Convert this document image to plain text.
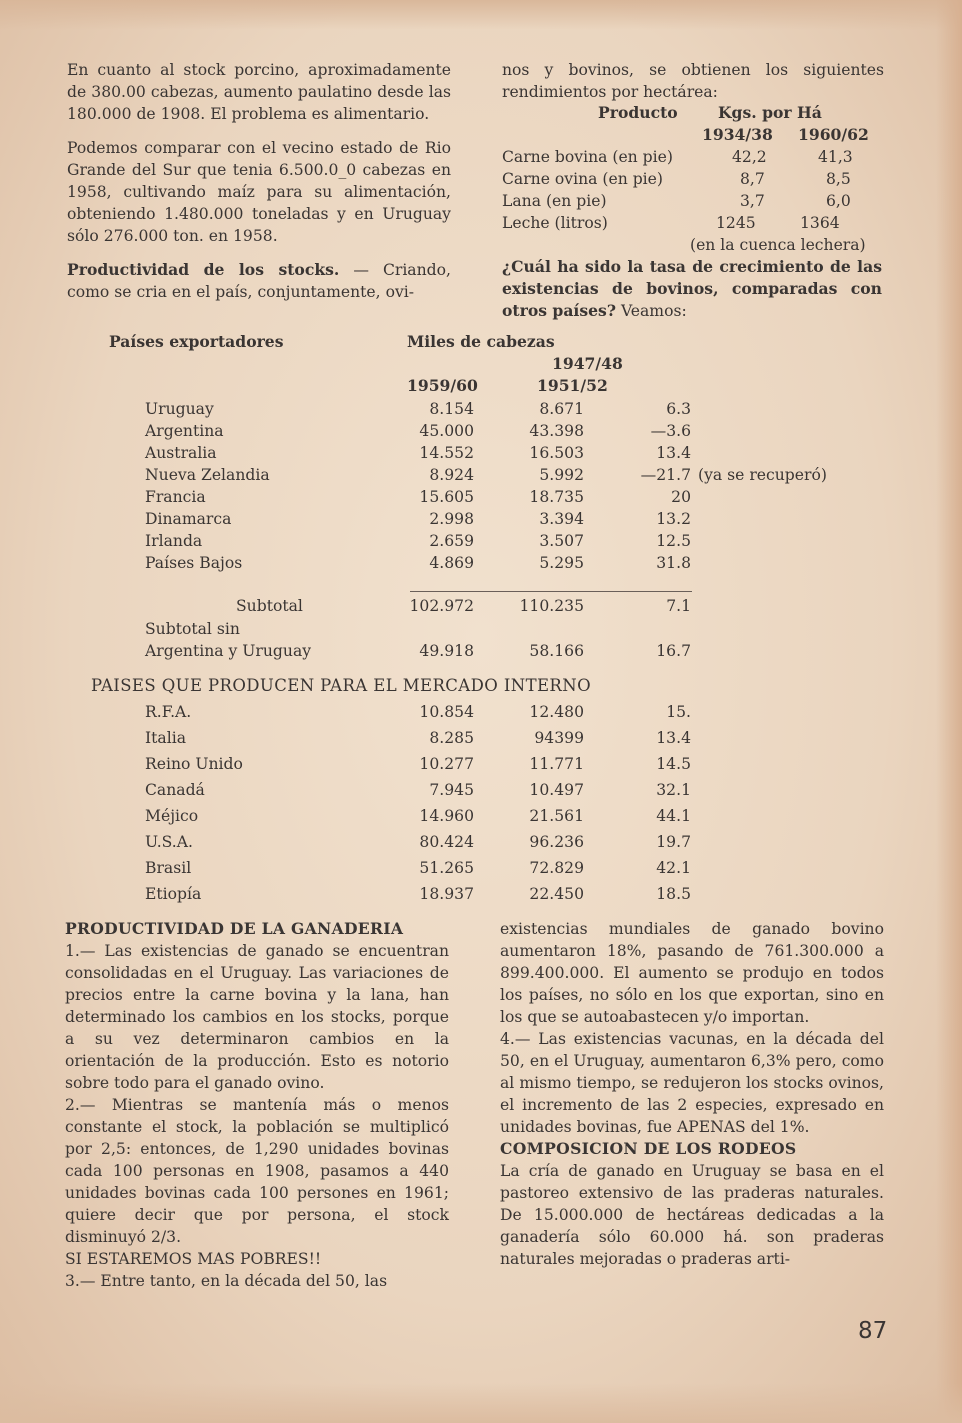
En cuanto al stock porcino, aproximadamente de 380.00 cabezas, aumento paulatino desde las 180.000 de 1908. El problema es alimentario.

Podemos comparar con el vecino estado de Rio Grande del Sur que tenia 6.500.0_0 cabezas en 1958, cultivando maíz para su alimentación, obteniendo 1.480.000 toneladas y en Uruguay sólo 276.000 ton. en 1958.

Productividad de los stocks. — Criando, como se cria en el país, conjuntamente, ovi-

nos y bovinos, se obtienen los siguientes rendimientos por hectárea:

Producto	Kgs. por Há
1934/38 1960/62
Carne bovina (en pie)	42,2	41,3
Carne ovina (en pie)	8,7	8,5
Lana (en pie)	3,7	6,0
Leche (litros)	1245	1364
(en la cuenca lechera)
¿Cuál ha sido la tasa de crecimiento de las existencias de bovinos, comparadas con otros países? Veamos:
Países exportadores	Miles de cabezas
1947/48
1959/60	1951/52
Uruguay	8.154	8.671	6.3
Argentina	45.000	43.398	—3.6
Australia	14.552	16.503	13.4
Nueva Zelandia	8.924	5.992	—21.7 (ya se recuperó)
Francia	15.605	18.735	20
Dinamarca	2.998	3.394	13.2
Irlanda	2.659	3.507	12.5
Países Bajos	4.869	5.295	31.8
Subtotal	102.972	110.235	7.1
Subtotal sin
Argentina y Uruguay	49.918	58.166	16.7
PAISES QUE PRODUCEN PARA EL MERCADO INTERNO
R.F.A.	10.854	12.480	15.
Italia	8.285	94399	13.4
Reino Unido	10.277	11.771	14.5
Canadá	7.945	10.497	32.1
Méjico	14.960	21.561	44.1
U.S.A.	80.424	96.236	19.7
Brasil	51.265	72.829	42.1
Etiopía	18.937	22.450	18.5

PRODUCTIVIDAD DE LA GANADERIA

1.— Las existencias de ganado se encuentran consolidadas en el Uruguay. Las variaciones de precios entre la carne bovina y la lana, han determinado los cambios en los stocks, porque a su vez determinaron cambios en la orientación de la producción. Esto es notorio sobre todo para el ganado ovino.

2.— Mientras se mantenía más o menos constante el stock, la población se multiplicó por 2,5: entonces, de 1,290 unidades bovinas cada 100 personas en 1908, pasamos a 440 unidades bovinas cada 100 persones en 1961; quiere decir que por persona, el stock disminuyó 2/3.

SI ESTAREMOS MAS POBRES!!

3.— Entre tanto, en la década del 50, las

existencias mundiales de ganado bovino aumentaron 18%, pasando de 761.300.000 a 899.400.000. El aumento se produjo en todos los países, no sólo en los que exportan, sino en los que se autoabastecen y/o importan.

4.— Las existencias vacunas, en la década del 50, en el Uruguay, aumentaron 6,3% pero, como al mismo tiempo, se redujeron los stocks ovinos, el incremento de las 2 especies, expresado en unidades bovinas, fue APENAS del 1%.

COMPOSICION DE LOS RODEOS

La cría de ganado en Uruguay se basa en el pastoreo extensivo de las praderas naturales. De 15.000.000 de hectáreas dedicadas a la ganadería sólo 60.000 há. son praderas naturales mejoradas o praderas arti-

87
